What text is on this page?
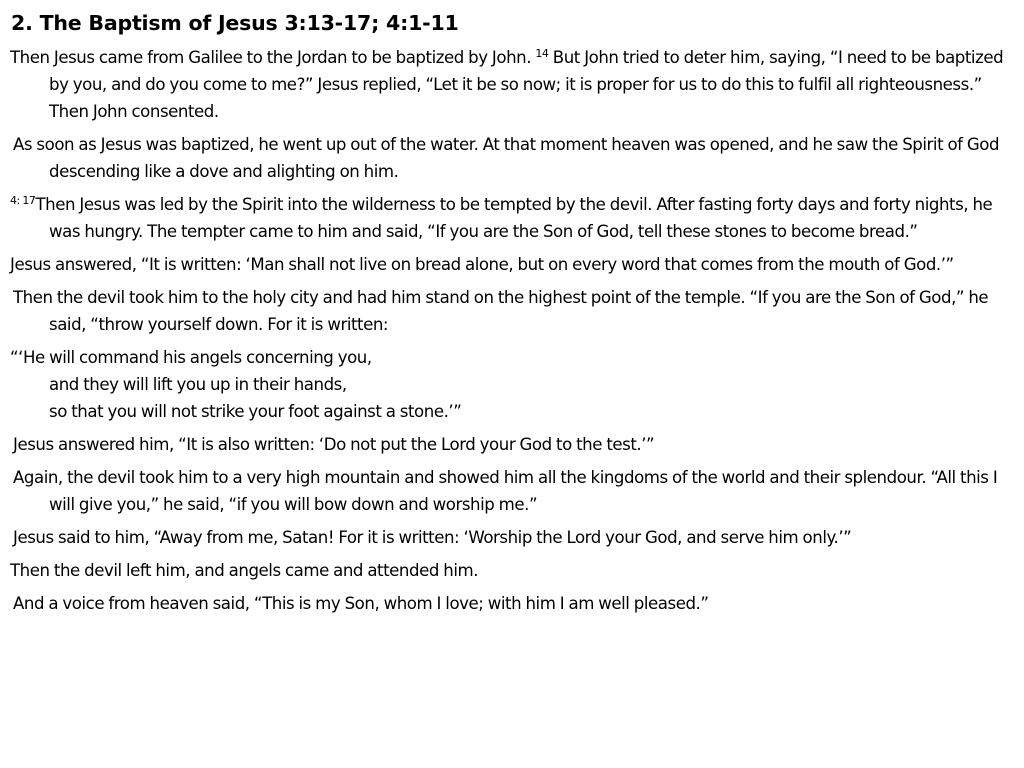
2. The Baptism of Jesus 3:13-17; 4:1-11

Then Jesus came from Galilee to the Jordan to be baptized by John. $^{14}$ But John tried to deter him, saying, “I need to be baptized by you, and do you come to me?” Jesus replied, “Let it be so now; it is proper for us to do this to fulfil all righteousness.” Then John consented.

As soon as Jesus was baptized, he went up out of the water. At that moment heaven was opened, and he saw the Spirit of God descending like a dove and alighting on him.

$^{4:}$ $^{17}$Then Jesus was led by the Spirit into the wilderness to be tempted by the devil. After fasting forty days and forty nights, he was hungry. The tempter came to him and said, “If you are the Son of God, tell these stones to become bread.”

Jesus answered, “It is written: ‘Man shall not live on bread alone, but on every word that comes from the mouth of God.’”

Then the devil took him to the holy city and had him stand on the highest point of the temple. “If you are the Son of God,” he said, “throw yourself down. For it is written:

“‘He will command his angels concerning you,
and they will lift you up in their hands,
so that you will not strike your foot against a stone.’”

Jesus answered him, “It is also written: ‘Do not put the Lord your God to the test.’”

Again, the devil took him to a very high mountain and showed him all the kingdoms of the world and their splendour. “All this I will give you,” he said, “if you will bow down and worship me.”

Jesus said to him, “Away from me, Satan! For it is written: ‘Worship the Lord your God, and serve him only.’”

Then the devil left him, and angels came and attended him.

And a voice from heaven said, “This is my Son, whom I love; with him I am well pleased.”
